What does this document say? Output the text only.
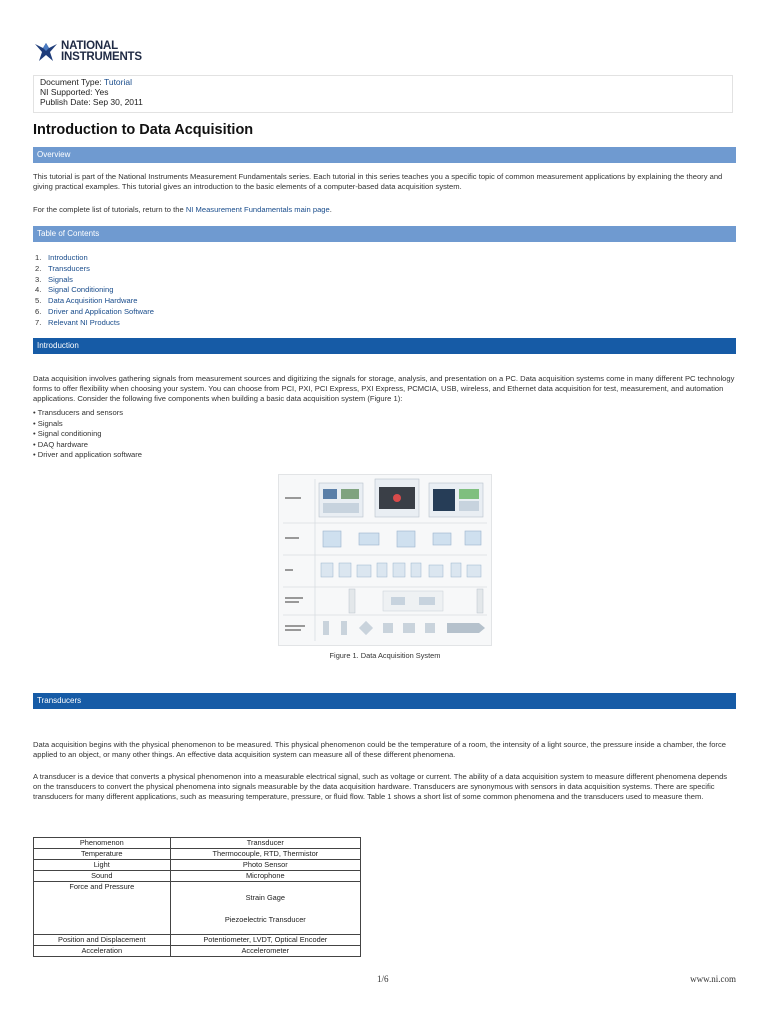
NATIONAL
INSTRUMENTS
Document Type: Tutorial
NI Supported: Yes
Publish Date: Sep 30, 2011
Introduction to Data Acquisition
Overview

This tutorial is part of the National Instruments Measurement Fundamentals series. Each tutorial in this series teaches you a specific topic of common measurement applications by explaining the theory and giving practical examples. This tutorial gives an introduction to the basic elements of a computer-based data acquisition system.

For the complete list of tutorials, return to the NI Measurement Fundamentals main page.

Table of Contents
1. Introduction
2. Transducers
3. Signals
4. Signal Conditioning
5. Data Acquisition Hardware
6. Driver and Application Software
7. Relevant NI Products
Introduction

Data acquisition involves gathering signals from measurement sources and digitizing the signals for storage, analysis, and presentation on a PC. Data acquisition systems come in many different PC technology forms to offer flexibility when choosing your system. You can choose from PCI, PXI, PCI Express, PXI Express, PCMCIA, USB, wireless, and Ethernet data acquisition for test, measurement, and automation applications. Consider the following five components when building a basic data acquisition system (Figure 1):

• Transducers and sensors
• Signals
• Signal conditioning
• DAQ hardware
• Driver and application software
Figure 1. Data Acquisition System
Transducers

Data acquisition begins with the physical phenomenon to be measured. This physical phenomenon could be the temperature of a room, the intensity of a light source, the pressure inside a chamber, the force applied to an object, or many other things. An effective data acquisition system can measure all of these different phenomena.

A transducer is a device that converts a physical phenomenon into a measurable electrical signal, such as voltage or current. The ability of a data acquisition system to measure different phenomena depends on the transducers to convert the physical phenomena into signals measurable by the data acquisition hardware. Transducers are synonymous with sensors in data acquisition systems. There are specific transducers for many different applications, such as measuring temperature, pressure, or fluid flow. Table 1 shows a short list of some common phenomena and the transducers used to measure them.

Phenomenon	Transducer
Temperature	Thermocouple, RTD, Thermistor
Light	Photo Sensor
Sound	Microphone
Force and Pressure	Strain Gage
Piezoelectric Transducer

Position and Displacement	Potentiometer, LVDT, Optical Encoder
Acceleration	Accelerometer
1/6	www.ni.com
